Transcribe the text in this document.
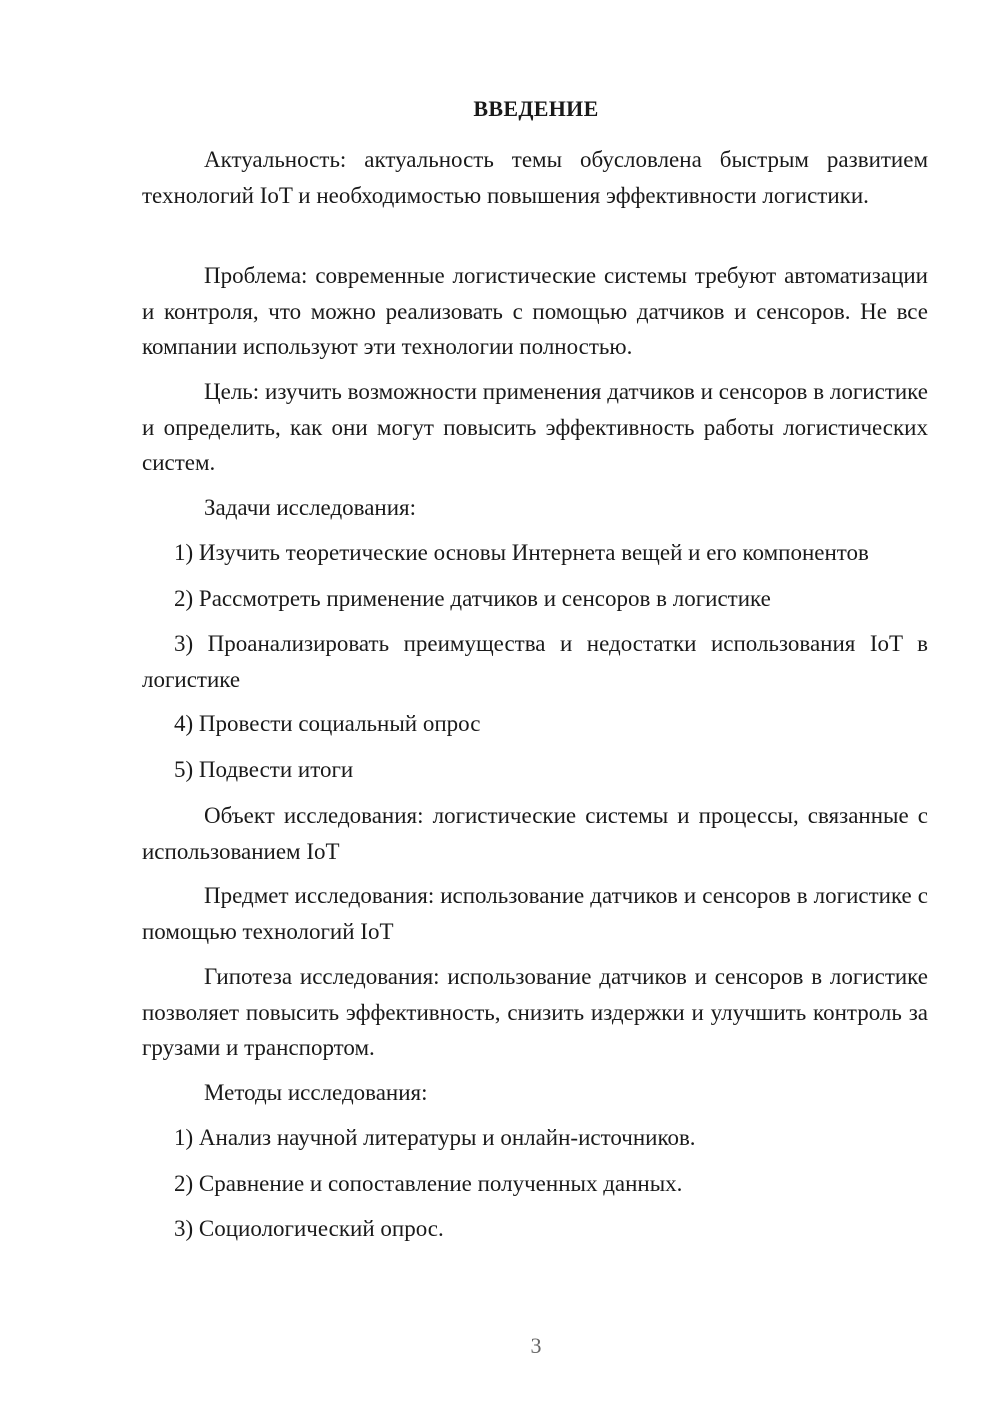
ВВЕДЕНИЕ
Актуальность: актуальность темы обусловлена быстрым развитием технологий IoT и необходимостью повышения эффективности логистики.
Проблема: современные логистические системы требуют автоматизации и контроля, что можно реализовать с помощью датчиков и сенсоров. Не все компании используют эти технологии полностью.
Цель: изучить возможности применения датчиков и сенсоров в логистике и определить, как они могут повысить эффективность работы логистических систем.
Задачи исследования:
1) Изучить теоретические основы Интернета вещей и его компонентов
2) Рассмотреть применение датчиков и сенсоров в логистике
3) Проанализировать преимущества и недостатки использования IoT в логистике
4) Провести социальный опрос
5) Подвести итоги
Объект исследования: логистические системы и процессы, связанные с использованием IoT
Предмет исследования: использование датчиков и сенсоров в логистике с помощью технологий IoT
Гипотеза исследования: использование датчиков и сенсоров в логистике позволяет повысить эффективность, снизить издержки и улучшить контроль за грузами и транспортом.
Методы исследования:
1) Анализ научной литературы и онлайн-источников.
2) Сравнение и сопоставление полученных данных.
3) Социологический опрос.
3
